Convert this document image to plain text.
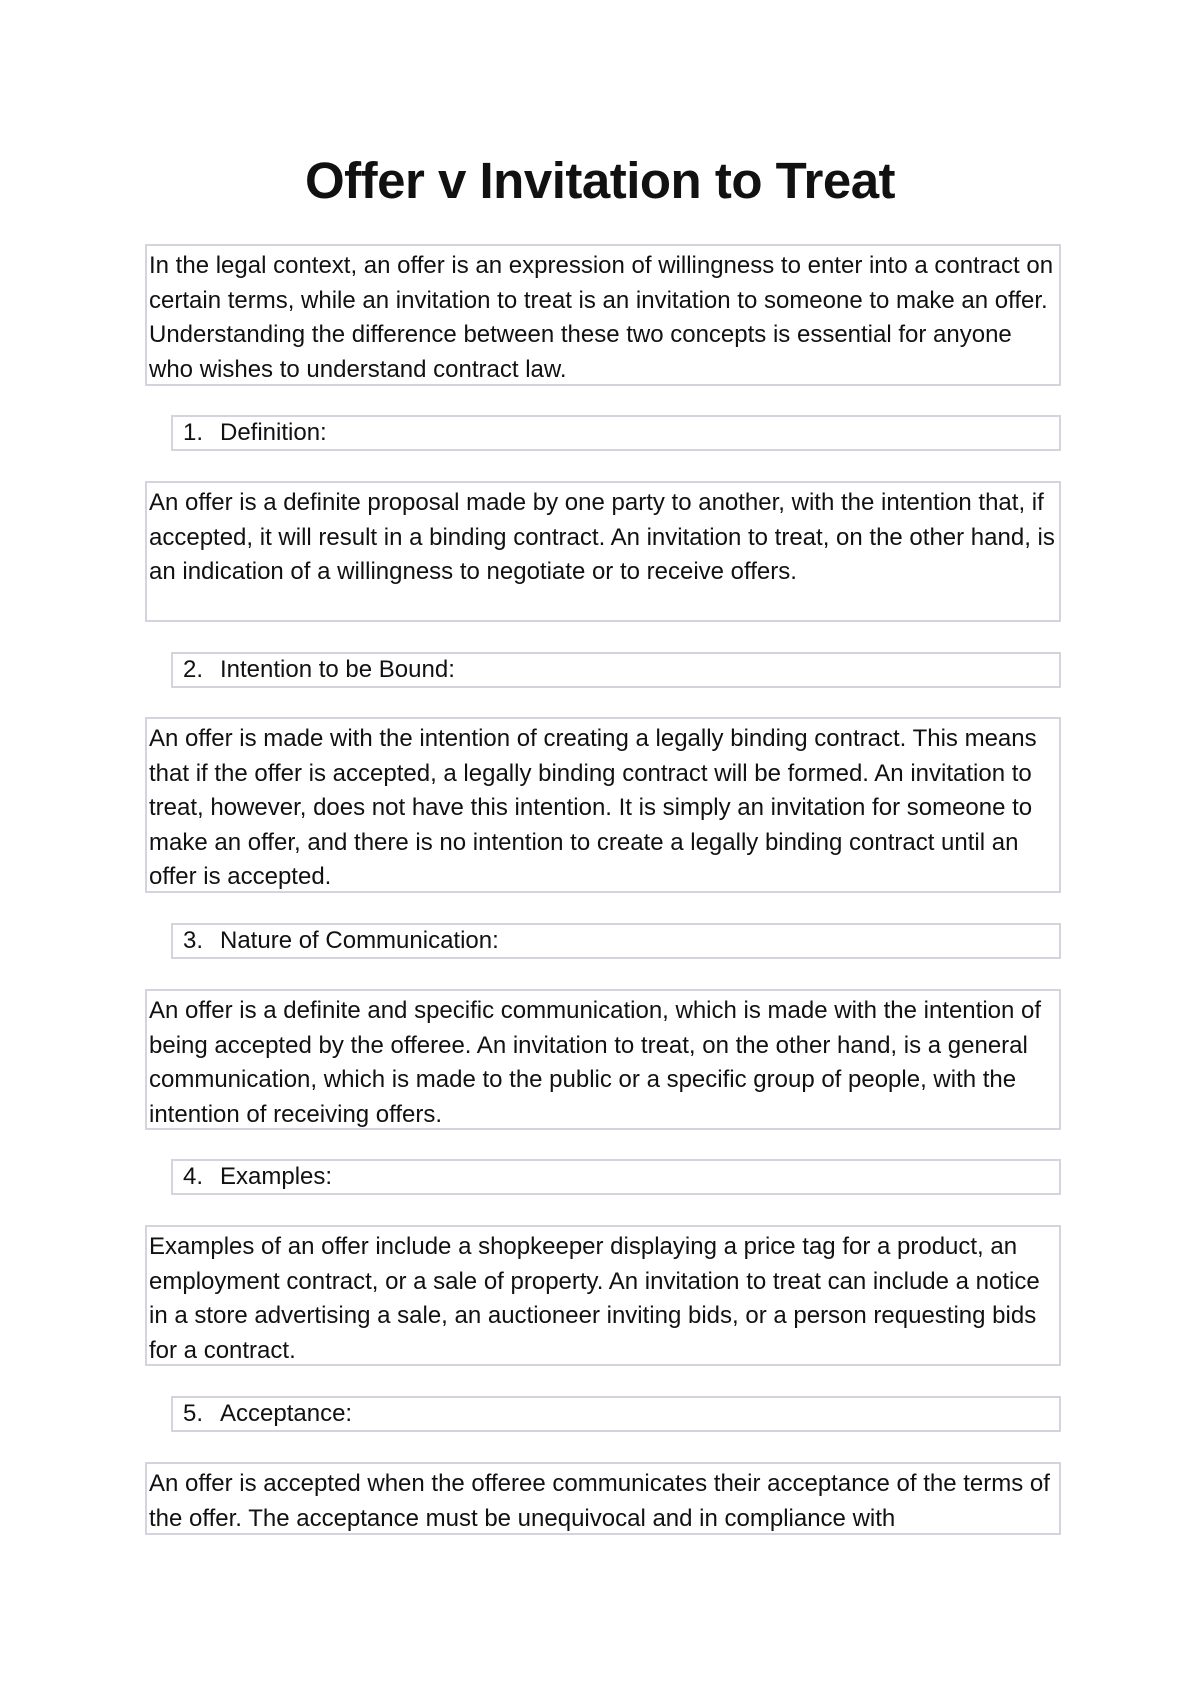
Offer v Invitation to Treat
In the legal context, an offer is an expression of willingness to enter into a contract on certain terms, while an invitation to treat is an invitation to someone to make an offer. Understanding the difference between these two concepts is essential for anyone who wishes to understand contract law.
1. Definition:
An offer is a definite proposal made by one party to another, with the intention that, if accepted, it will result in a binding contract. An invitation to treat, on the other hand, is an indication of a willingness to negotiate or to receive offers.
2. Intention to be Bound:
An offer is made with the intention of creating a legally binding contract. This means that if the offer is accepted, a legally binding contract will be formed. An invitation to treat, however, does not have this intention. It is simply an invitation for someone to make an offer, and there is no intention to create a legally binding contract until an offer is accepted.
3. Nature of Communication:
An offer is a definite and specific communication, which is made with the intention of being accepted by the offeree. An invitation to treat, on the other hand, is a general communication, which is made to the public or a specific group of people, with the intention of receiving offers.
4. Examples:
Examples of an offer include a shopkeeper displaying a price tag for a product, an employment contract, or a sale of property. An invitation to treat can include a notice in a store advertising a sale, an auctioneer inviting bids, or a person requesting bids for a contract.
5. Acceptance:
An offer is accepted when the offeree communicates their acceptance of the terms of the offer. The acceptance must be unequivocal and in compliance with
